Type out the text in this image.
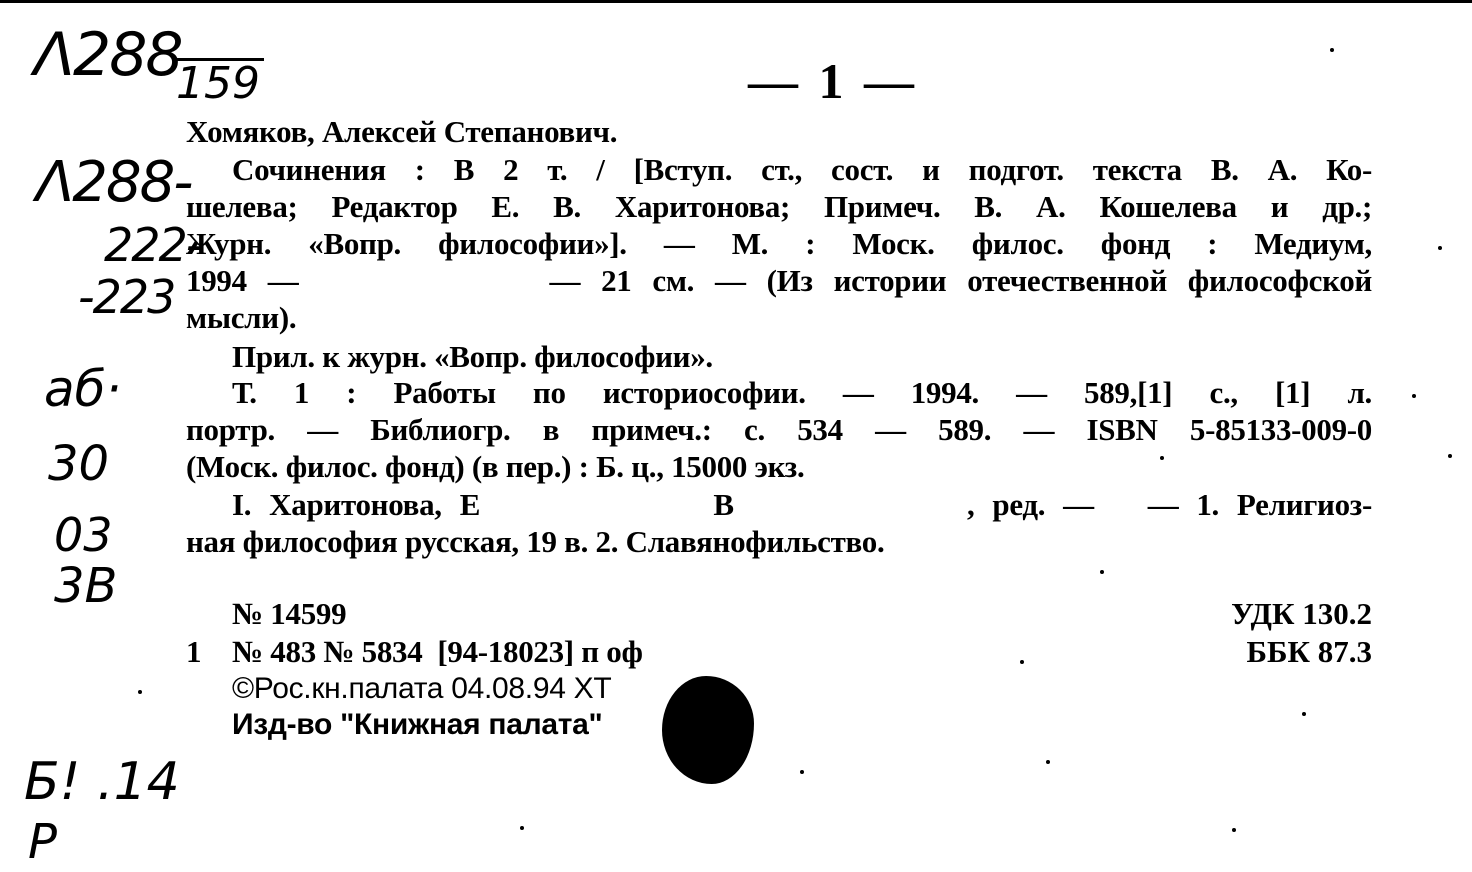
Λ288
159
Λ288-
222-
-223
аб·
30
03
3B
Б! .14
P
— 1 —
Хомяков, Алексей Степанович.
Сочинения : В 2 т. / [Вступ. ст., сост. и подгот. текста В. А. Ко-
шелева; Редактор Е. В. Харитонова; Примеч. В. А. Кошелева и др.;
Журн. «Вопр. философии»]. — М. : Моск. филос. фонд : Медиум,
1994 —            — 21 см. — (Из истории отечественной философской
мысли).
Прил. к журн. «Вопр. философии».
Т. 1 : Работы по историософии. — 1994. — 589,[1] с., [1] л.
портр. — Библиогр. в примеч.: с. 534 — 589. — ISBN 5-85133-009-0
(Моск. филос. фонд) (в пер.) : Б. ц., 15000 экз.
I. Харитонова, Е             В             , ред. —   — 1. Религиоз-
ная философия русская, 19 в. 2. Славянофильство.
№ 14599
1 № 483 № 5834  [94-18023] п оф
©Рос.кн.палата 04.08.94 ХТ
Изд-во "Книжная палата"
УДК 130.2
ББК 87.3
